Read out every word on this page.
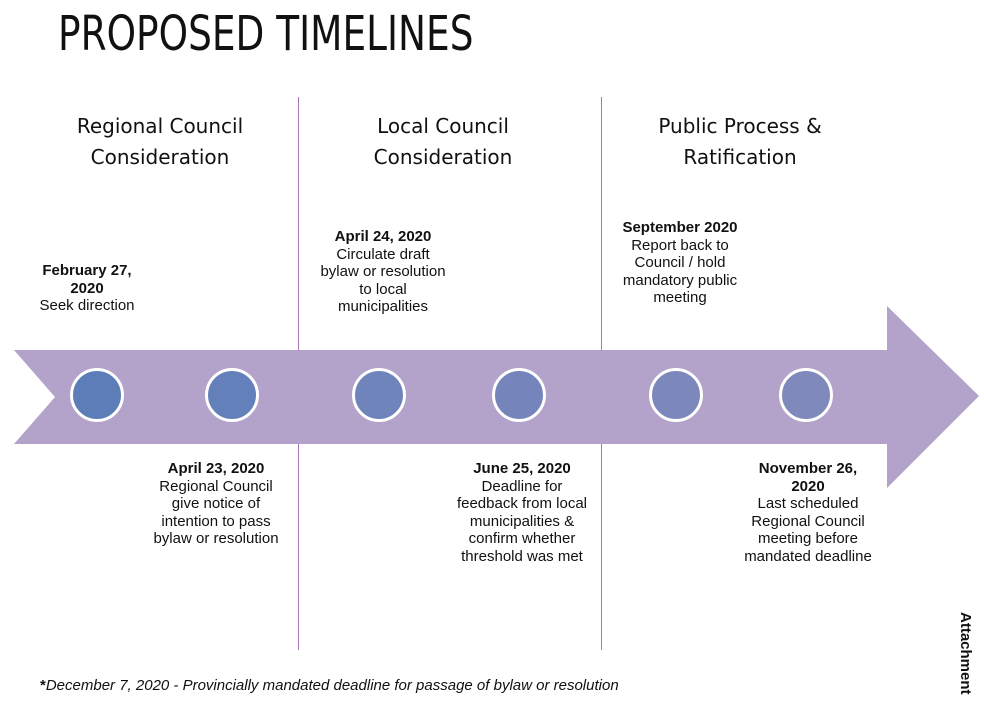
PROPOSED TIMELINES
Regional Council Consideration
Local Council Consideration
Public Process & Ratification
February 27, 2020
Seek direction
April 23, 2020
Regional Council give notice of intention to pass bylaw or resolution
April 24, 2020
Circulate draft bylaw or resolution to local municipalities
June 25, 2020
Deadline for feedback from local municipalities & confirm whether threshold was met
September 2020
Report back to Council / hold mandatory public meeting
November 26, 2020
Last scheduled Regional Council meeting before mandated deadline
*December 7, 2020 - Provincially mandated deadline for passage of bylaw or resolution	Attachment
